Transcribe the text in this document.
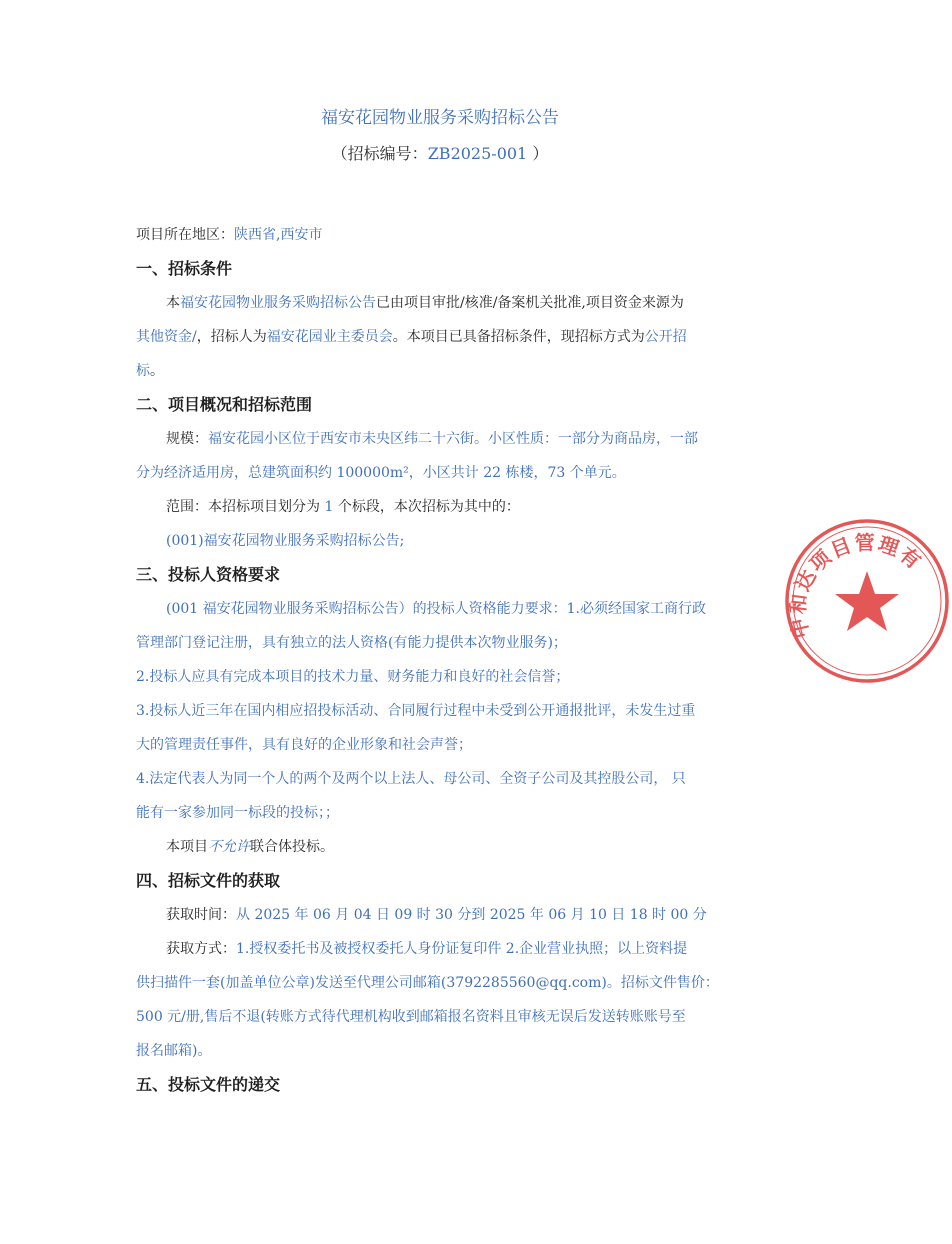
福安花园物业服务采购招标公告
（招标编号：ZB2025-001 ）

项目所在地区：陕西省,西安市

一、招标条件

本福安花园物业服务采购招标公告已由项目审批/核准/备案机关批准,项目资金来源为

其他资金/，招标人为福安花园业主委员会。本项目已具备招标条件，现招标方式为公开招

标。

二、项目概况和招标范围

规模：福安花园小区位于西安市未央区纬二十六街。小区性质：一部分为商品房，一部

分为经济适用房，总建筑面积约 100000m²，小区共计 22 栋楼，73 个单元。

范围：本招标项目划分为 1 个标段，本次招标为其中的：

(001)福安花园物业服务采购招标公告;

三、投标人资格要求

(001 福安花园物业服务采购招标公告）的投标人资格能力要求：1.必须经国家工商行政

管理部门登记注册，具有独立的法人资格(有能力提供本次物业服务)；

2.投标人应具有完成本项目的技术力量、财务能力和良好的社会信誉；

3.投标人近三年在国内相应招投标活动、合同履行过程中未受到公开通报批评，未发生过重

大的管理责任事件，具有良好的企业形象和社会声誉；

4.法定代表人为同一个人的两个及两个以上法人、母公司、全资子公司及其控股公司， 只

能有一家参加同一标段的投标；；

本项目不允许联合体投标。

四、招标文件的获取

获取时间：从 2025 年 06 月 04 日 09 时 30 分到 2025 年 06 月 10 日 18 时 00 分

获取方式：1.授权委托书及被授权委托人身份证复印件 2.企业营业执照；以上资料提

供扫描件一套(加盖单位公章)发送至代理公司邮箱(3792285560@qq.com)。招标文件售价：

500 元/册,售后不退(转账方式待代理机构收到邮箱报名资料且审核无误后发送转账账号至

报名邮箱)。

五、投标文件的递交

中和达项目管理有
